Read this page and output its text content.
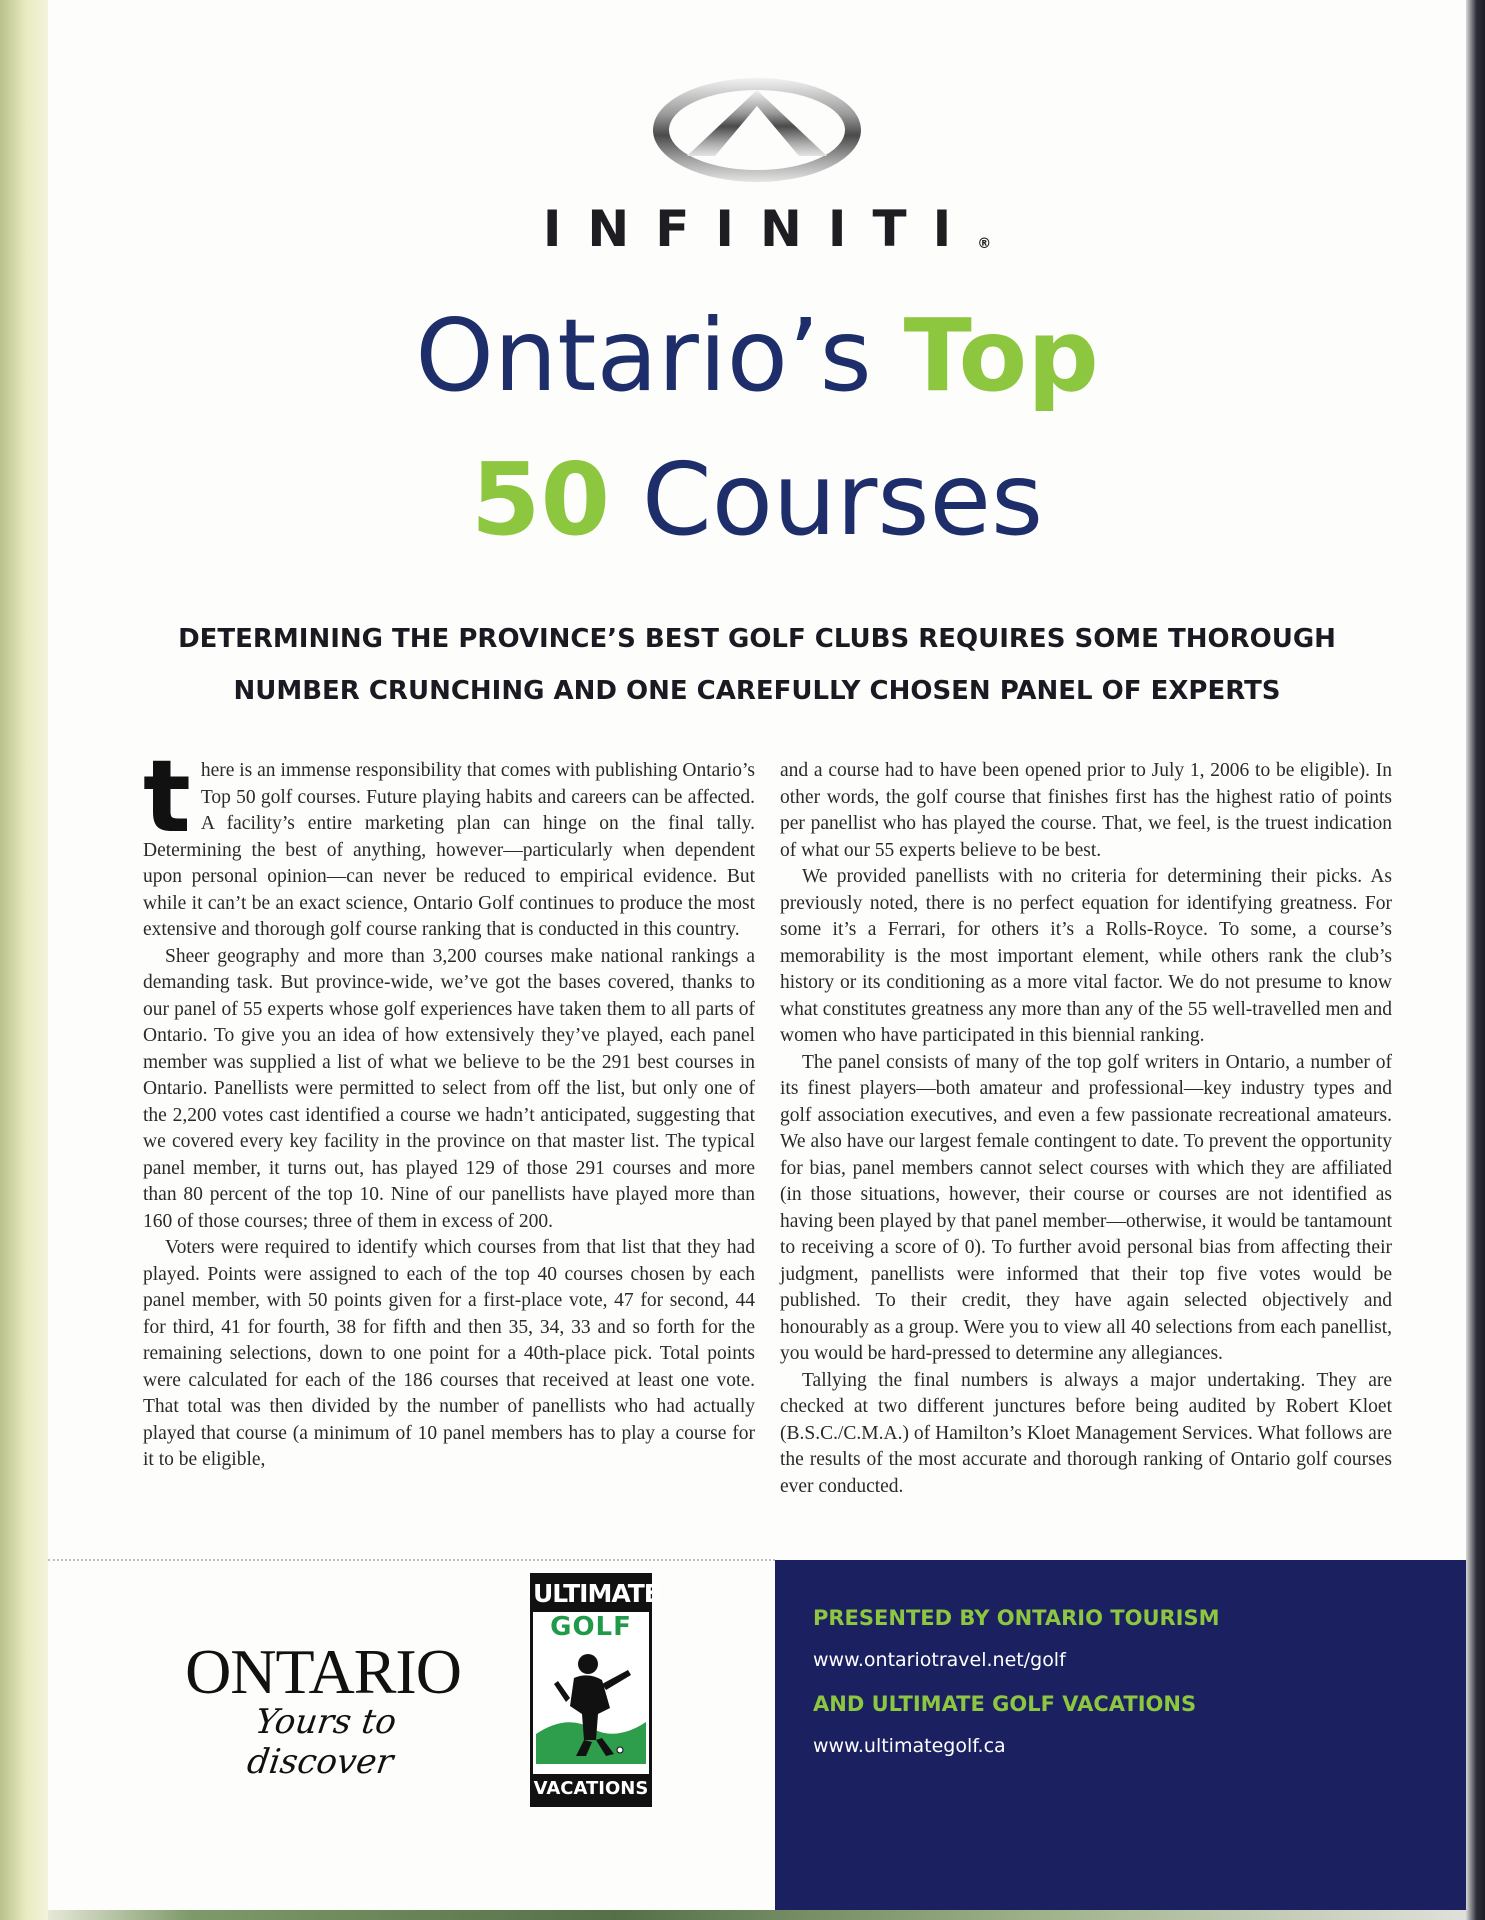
INFINITI®
Ontario’s Top
50 Courses
DETERMINING THE PROVINCE’S BEST GOLF CLUBS REQUIRES SOME THOROUGH
NUMBER CRUNCHING AND ONE CAREFULLY CHOSEN PANEL OF EXPERTS

there is an immense responsibility that comes with publishing Ontario’s Top 50 golf courses. Future playing habits and careers can be affected. A facility’s entire marketing plan can hinge on the final tally. Determining the best of anything, however—particularly when dependent upon personal opinion—can never be reduced to empirical evidence. But while it can’t be an exact science, Ontario Golf continues to produce the most extensive and thorough golf course ranking that is conducted in this country.

Sheer geography and more than 3,200 courses make national rankings a demanding task. But province-wide, we’ve got the bases covered, thanks to our panel of 55 experts whose golf experiences have taken them to all parts of Ontario. To give you an idea of how extensively they’ve played, each panel member was supplied a list of what we believe to be the 291 best courses in Ontario. Panellists were permitted to select from off the list, but only one of the 2,200 votes cast identified a course we hadn’t anticipated, suggesting that we covered every key facility in the province on that master list. The typical panel member, it turns out, has played 129 of those 291 courses and more than 80 percent of the top 10. Nine of our panellists have played more than 160 of those courses; three of them in excess of 200.

Voters were required to identify which courses from that list that they had played. Points were assigned to each of the top 40 courses chosen by each panel member, with 50 points given for a first-place vote, 47 for second, 44 for third, 41 for fourth, 38 for fifth and then 35, 34, 33 and so forth for the remaining selections, down to one point for a 40th-place pick. Total points were calculated for each of the 186 courses that received at least one vote. That total was then divided by the number of panellists who had actually played that course (a minimum of 10 panel members has to play a course for it to be eligible,

and a course had to have been opened prior to July 1, 2006 to be eligible). In other words, the golf course that finishes first has the highest ratio of points per panellist who has played the course. That, we feel, is the truest indication of what our 55 experts believe to be best.

We provided panellists with no criteria for determining their picks. As previously noted, there is no perfect equation for identifying greatness. For some it’s a Ferrari, for others it’s a Rolls-Royce. To some, a course’s memorability is the most important element, while others rank the club’s history or its conditioning as a more vital factor. We do not presume to know what constitutes greatness any more than any of the 55 well-travelled men and women who have participated in this biennial ranking.

The panel consists of many of the top golf writers in Ontario, a number of its finest players—both amateur and professional—key industry types and golf association executives, and even a few passionate recreational amateurs. We also have our largest female contingent to date. To prevent the opportunity for bias, panel members cannot select courses with which they are affiliated (in those situations, however, their course or courses are not identified as having been played by that panel member—otherwise, it would be tantamount to receiving a score of 0). To further avoid personal bias from affecting their judgment, panellists were informed that their top five votes would be published. To their credit, they have again selected objectively and honourably as a group. Were you to view all 40 selections from each panellist, you would be hard-pressed to determine any allegiances.

Tallying the final numbers is always a major undertaking. They are checked at two different junctures before being audited by Robert Kloet (B.S.C./C.M.A.) of Hamilton’s Kloet Management Services. What follows are the results of the most accurate and thorough ranking of Ontario golf courses ever conducted.

ONTARIO
Yours to discover
ULTIMATE
GOLF
VACATIONS

PRESENTED BY ONTARIO TOURISM

www.ontariotravel.net/golf

AND ULTIMATE GOLF VACATIONS

www.ultimategolf.ca
